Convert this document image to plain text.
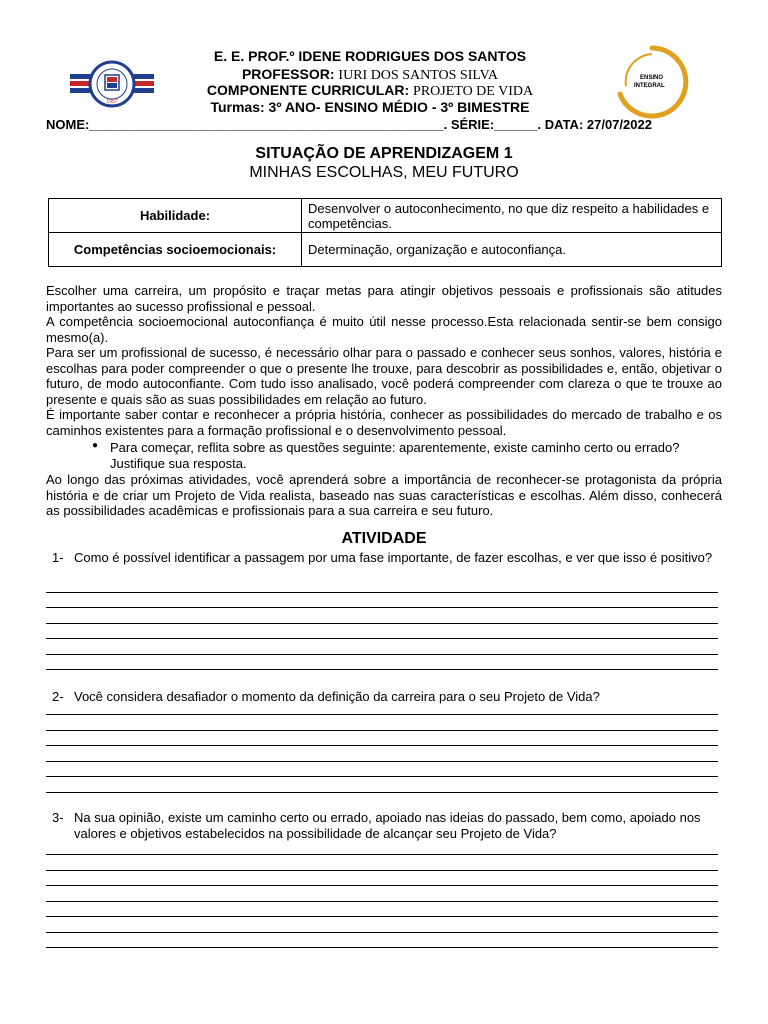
1957
ENSINO
INTEGRAL
E. E. PROF.º IDENE RODRIGUES DOS SANTOS
PROFESSOR: IURI DOS SANTOS SILVA
COMPONENTE CURRICULAR: PROJETO DE VIDA
Turmas: 3º ANO- ENSINO MÉDIO - 3º BIMESTRE
NOME:_________________________________________________. SÉRIE:______. DATA: 27/07/2022
SITUAÇÃO DE APRENDIZAGEM 1
MINHAS ESCOLHAS, MEU FUTURO
Habilidade:	Desenvolver o autoconhecimento, no que diz respeito a habilidades e competências.
Competências socioemocionais:	Determinação, organização e autoconfiança.
Escolher uma carreira, um propósito e traçar metas para atingir objetivos pessoais e profissionais são atitudes importantes ao sucesso profissional e pessoal.
A competência socioemocional autoconfiança é muito útil nesse processo.Esta relacionada sentir-se bem consigo mesmo(a).
Para ser um profissional de sucesso, é necessário olhar para o passado e conhecer seus sonhos, valores, história e escolhas para poder compreender o que o presente lhe trouxe, para descobrir as possibilidades e, então, objetivar o futuro, de modo autoconfiante. Com tudo isso analisado, você poderá compreender com clareza o que te trouxe ao presente e quais são as suas possibilidades em relação ao futuro.
É importante saber contar e reconhecer a própria história, conhecer as possibilidades do mercado de trabalho e os caminhos existentes para a formação profissional e o desenvolvimento pessoal.
● Para começar, reflita sobre as questões seguinte: aparentemente, existe caminho certo ou errado? Justifique sua resposta.
Ao longo das próximas atividades, você aprenderá sobre a importância de reconhecer-se protagonista da própria história e de criar um Projeto de Vida realista, baseado nas suas características e escolhas. Além disso, conhecerá as possibilidades acadêmicas e profissionais para a sua carreira e seu futuro.
ATIVIDADE
1- Como é possível identificar a passagem por uma fase importante, de fazer escolhas, e ver que isso é positivo?
2- Você considera desafiador o momento da definição da carreira para o seu Projeto de Vida?
3- Na sua opinião, existe um caminho certo ou errado, apoiado nas ideias do passado, bem como, apoiado nos valores e objetivos estabelecidos na possibilidade de alcançar seu Projeto de Vida?
